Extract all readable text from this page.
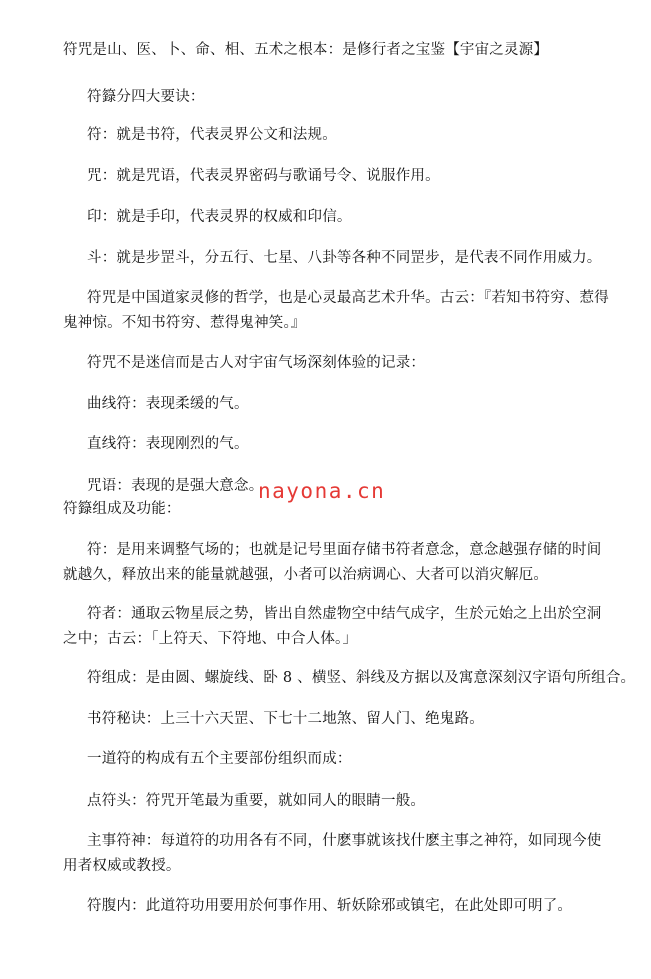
符咒是山、医、卜、命、相、五术之根本：是修行者之宝鉴【宇宙之灵源】

符籙分四大要诀：

符：就是书符，代表灵界公文和法规。

咒：就是咒语，代表灵界密码与歌诵号令、说服作用。

印：就是手印，代表灵界的权威和印信。

斗：就是步罡斗，分五行、七星、八卦等各种不同罡步，是代表不同作用威力。

符咒是中国道家灵修的哲学，也是心灵最高艺术升华。古云：『若知书符穷、惹得鬼神惊。不知书符穷、惹得鬼神笑。』

符咒不是迷信而是古人对宇宙气场深刻体验的记录：

曲线符：表现柔缓的气。

直线符：表现刚烈的气。

咒语：表现的是强大意念。

符籙组成及功能：

符：是用来调整气场的；也就是记号里面存储书符者意念，意念越强存储的时间就越久，释放出来的能量就越强，小者可以治病调心、大者可以消灾解厄。

符者：通取云物星辰之势，皆出自然虚物空中结气成字，生於元始之上出於空洞之中；古云：「上符天、下符地、中合人体。」

符组成：是由圆、螺旋线、卧 8 、横竖、斜线及方据以及寓意深刻汉字语句所组合。

书符秘诀：上三十六天罡、下七十二地煞、留人门、绝鬼路。

一道符的构成有五个主要部份组织而成：

点符头：符咒开笔最为重要，就如同人的眼睛一般。

主事符神：每道符的功用各有不同，什麽事就该找什麽主事之神符，如同现今使用者权威或教授。

符腹内：此道符功用要用於何事作用、斩妖除邪或镇宅，在此处即可明了。

nayona.cn
